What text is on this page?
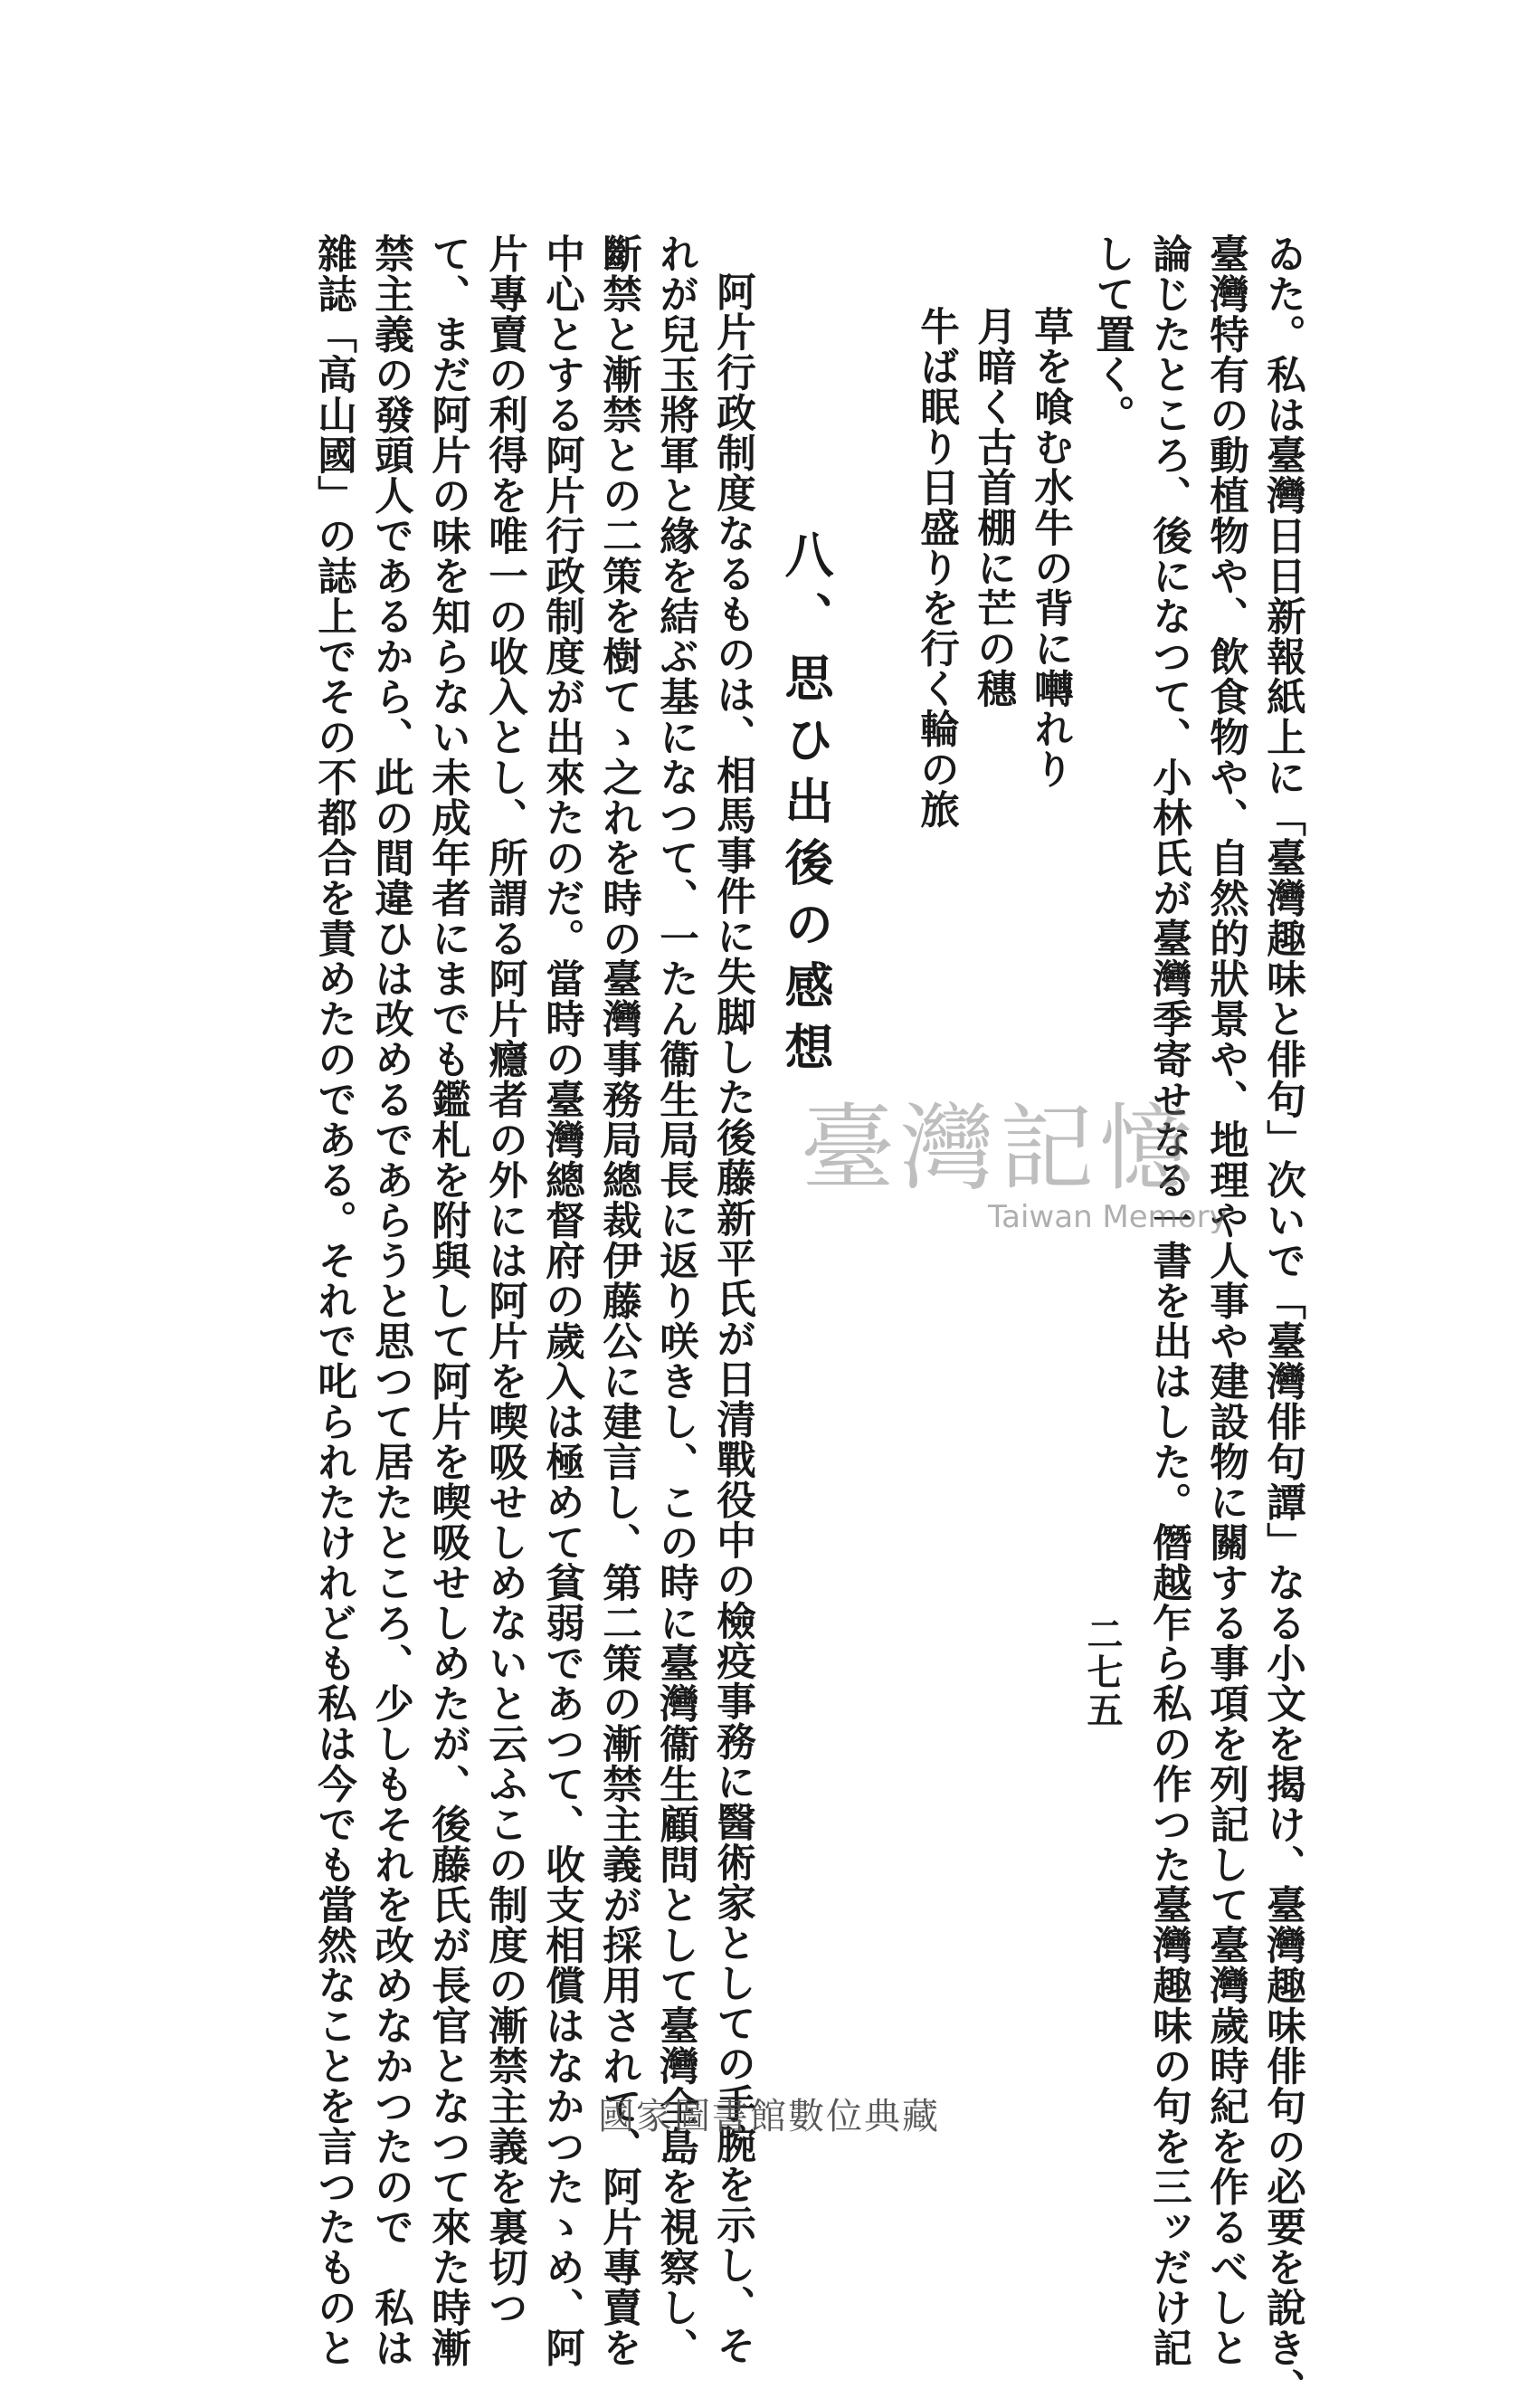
ゐた。私は臺灣日日新報紙上に「臺灣趣味と俳句」次いで「臺灣俳句譚」なる小文を揭け、臺灣趣味俳句の必要を說き、
臺灣特有の動植物や、飲食物や、自然的狀景や、地理や人事や建設物に關する事項を列記して臺灣歲時紀を作るべしと
論じたところ、後になつて、小林氏が臺灣季寄せなる一書を出はした。僭越乍ら私の作つた臺灣趣味の句を三ッだけ記
して置く。
草を喰む水牛の背に囀れり
月暗く古首棚に芒の穗
牛ば眠り日盛りを行く輪の旅
八、思ひ出後の感想
阿片行政制度なるものは、相馬事件に失脚した後藤新平氏が日清戰役中の檢疫事務に醫術家としての手腕を示し、そ
れが兒玉將軍と緣を結ぶ基になつて、一たん衞生局長に返り咲きし、この時に臺灣衞生顧問として臺灣全島を視察し、
斷禁と漸禁との二策を樹てゝ之れを時の臺灣事務局總裁伊藤公に建言し、第二策の漸禁主義が採用されて、阿片專賣を
中心とする阿片行政制度が出來たのだ。當時の臺灣總督府の歲入は極めて貧弱であつて、收支相償はなかつたゝめ、阿
片專賣の利得を唯一の收入とし、所謂る阿片癮者の外には阿片を喫吸せしめないと云ふこの制度の漸禁主義を裏切つ
て、まだ阿片の味を知らない未成年者にまでも鑑札を附與して阿片を喫吸せしめたが、後藤氏が長官となつて來た時漸
禁主義の發頭人であるから、此の間違ひは改めるであらうと思つて居たところ、少しもそれを改めなかつたので　私は
雜誌「高山國」の誌上でその不都合を責めたのである。それで叱られたけれども私は今でも當然なことを言つたものと	二七五
臺灣記憶
Taiwan Memory
國家圖書館數位典藏
